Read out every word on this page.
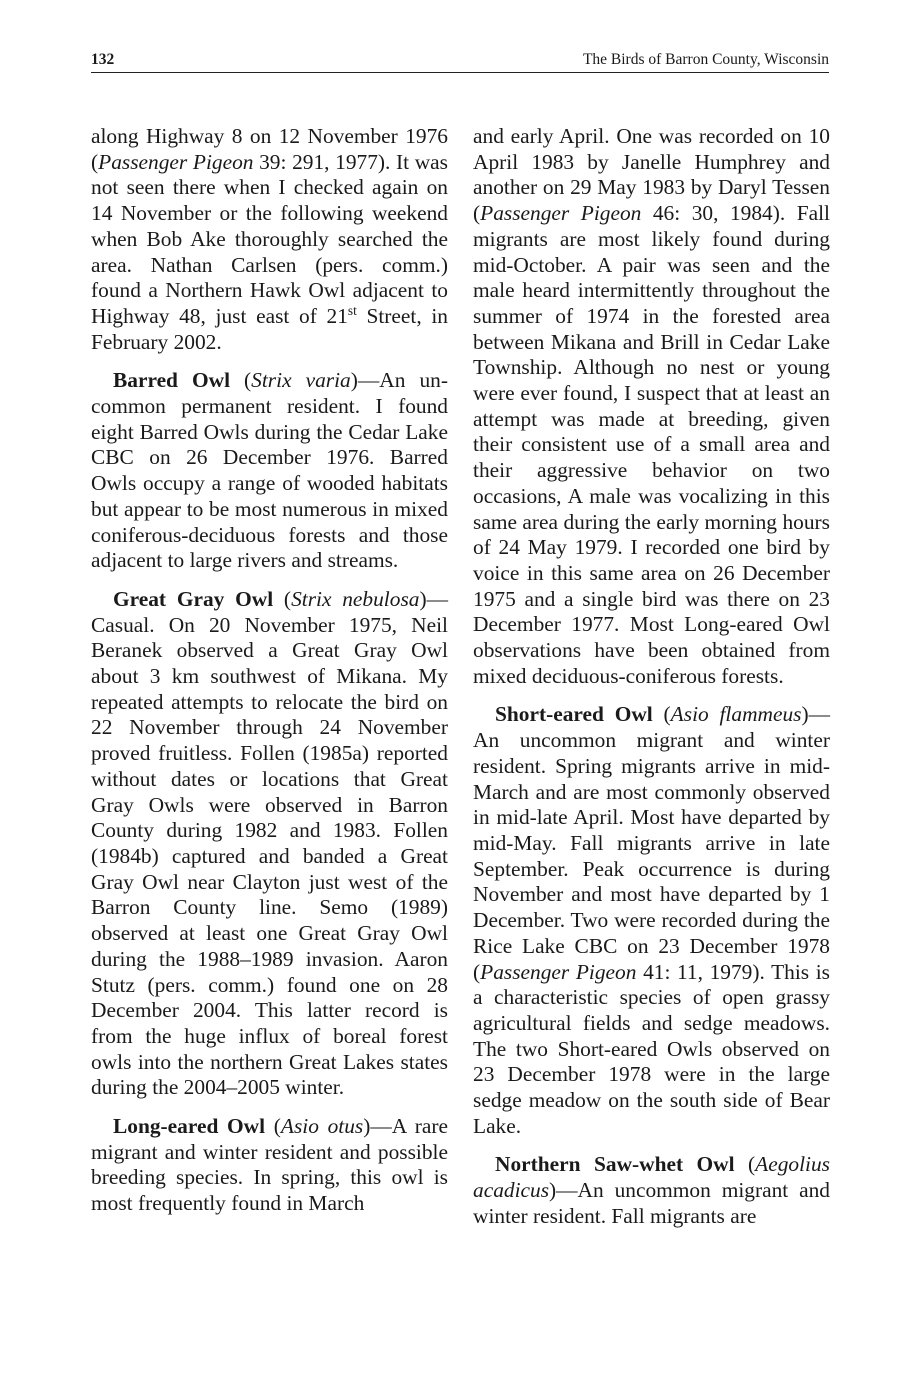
132	The Birds of Barron County, Wisconsin

along Highway 8 on 12 November 1976 (Passenger Pigeon 39: 291, 1977). It was not seen there when I checked again on 14 November or the following weekend when Bob Ake thoroughly searched the area. Nathan Carlsen (pers. comm.) found a Northern Hawk Owl adjacent to Highway 48, just east of 21st Street, in February 2002.

Barred Owl (Strix varia)—An uncommon permanent resident. I found eight Barred Owls during the Cedar Lake CBC on 26 December 1976. Barred Owls occupy a range of wooded habitats but appear to be most numerous in mixed coniferous-deciduous forests and those adjacent to large rivers and streams.

Great Gray Owl (Strix nebulosa)—Casual. On 20 November 1975, Neil Beranek observed a Great Gray Owl about 3 km southwest of Mikana. My repeated attempts to relocate the bird on 22 November through 24 November proved fruitless. Follen (1985a) reported without dates or locations that Great Gray Owls were observed in Barron County during 1982 and 1983. Follen (1984b) captured and banded a Great Gray Owl near Clayton just west of the Barron County line. Semo (1989) observed at least one Great Gray Owl during the 1988–1989 invasion. Aaron Stutz (pers. comm.) found one on 28 December 2004. This latter record is from the huge influx of boreal forest owls into the northern Great Lakes states during the 2004–2005 winter.

Long-eared Owl (Asio otus)—A rare migrant and winter resident and possible breeding species. In spring, this owl is most frequently found in March

and early April. One was recorded on 10 April 1983 by Janelle Humphrey and another on 29 May 1983 by Daryl Tessen (Passenger Pigeon 46: 30, 1984). Fall migrants are most likely found during mid-October. A pair was seen and the male heard intermittently throughout the summer of 1974 in the forested area between Mikana and Brill in Cedar Lake Township. Although no nest or young were ever found, I suspect that at least an attempt was made at breeding, given their consistent use of a small area and their aggressive behavior on two occasions, A male was vocalizing in this same area during the early morning hours of 24 May 1979. I recorded one bird by voice in this same area on 26 December 1975 and a single bird was there on 23 December 1977. Most Long-eared Owl observations have been obtained from mixed deciduous-coniferous forests.

Short-eared Owl (Asio flammeus)—An uncommon migrant and winter resident. Spring migrants arrive in mid-March and are most commonly observed in mid-late April. Most have departed by mid-May. Fall migrants arrive in late September. Peak occurrence is during November and most have departed by 1 December. Two were recorded during the Rice Lake CBC on 23 December 1978 (Passenger Pigeon 41: 11, 1979). This is a characteristic species of open grassy agricultural fields and sedge meadows. The two Short-eared Owls observed on 23 December 1978 were in the large sedge meadow on the south side of Bear Lake.

Northern Saw-whet Owl (Aegolius acadicus)—An uncommon migrant and winter resident. Fall migrants are
